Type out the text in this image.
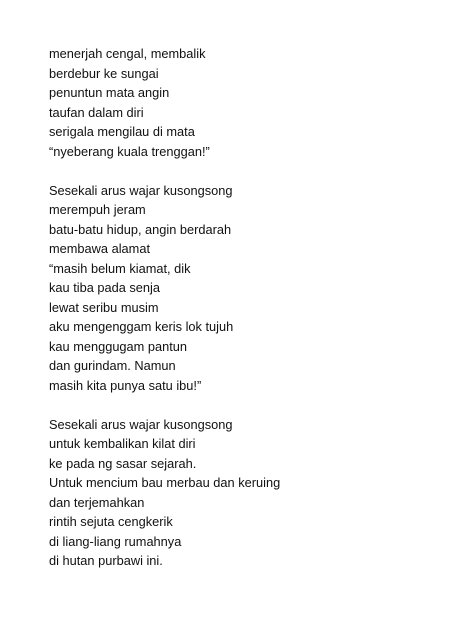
menerjah cengal, membalik
berdebur ke sungai
penuntun mata angin
taufan dalam diri
serigala mengilau di mata
“nyeberang kuala trenggan!”
Sesekali arus wajar kusongsong
merempuh jeram
batu-batu hidup, angin berdarah
membawa alamat
“masih belum kiamat, dik
kau tiba pada senja
lewat seribu musim
aku mengenggam keris lok tujuh
kau menggugam pantun
dan gurindam. Namun
masih kita punya satu ibu!”
Sesekali arus wajar kusongsong
untuk kembalikan kilat diri
ke pada ng sasar sejarah.
Untuk mencium bau merbau dan keruing
dan terjemahkan
rintih sejuta cengkerik
di liang-liang rumahnya
di hutan purbawi ini.
